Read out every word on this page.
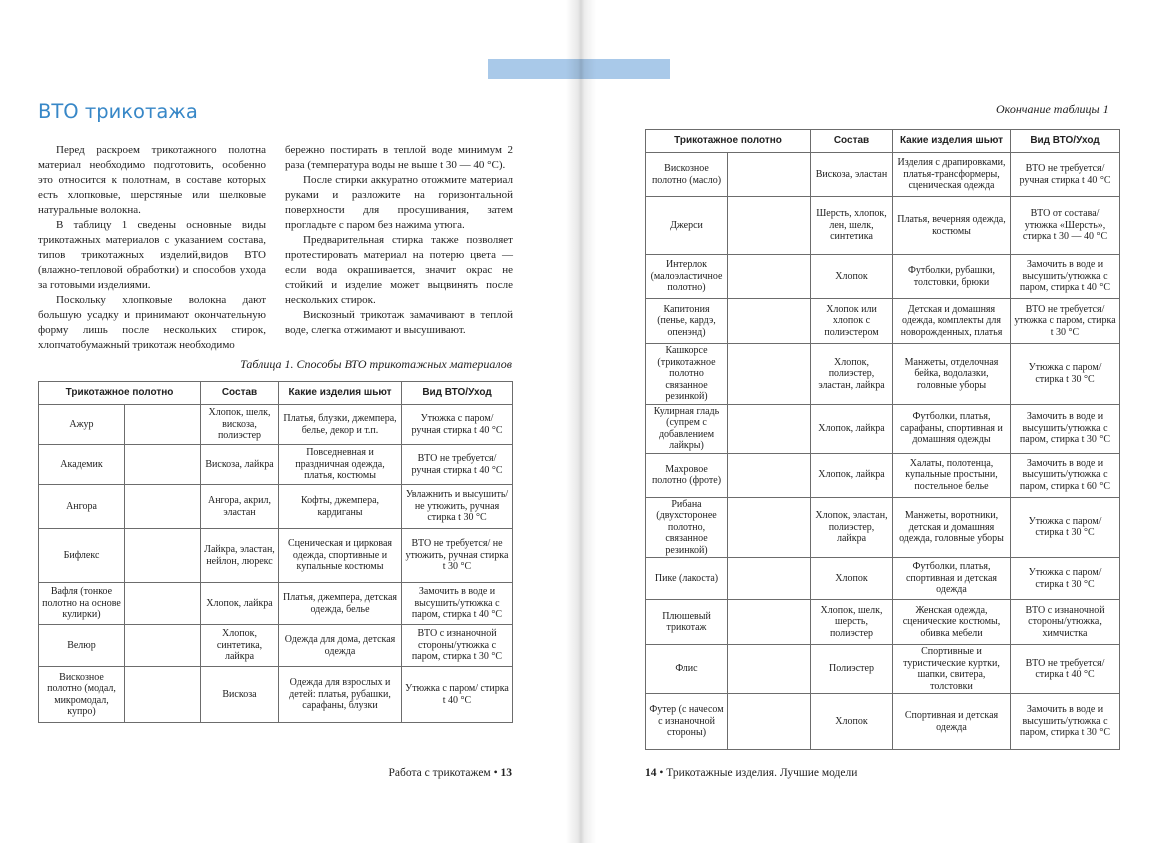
ВТО трикотажа

Перед раскроем трикотажного полотна материал необходимо подготовить, особенно это относится к полотнам, в составе которых есть хлопковые, шерстяные или шелковые натуральные волокна.

В таблицу 1 сведены основные виды трикотажных материалов с указанием состава, типов трикотажных изделий,видов ВТО (влажно-тепловой обработки) и способов ухода за готовыми изделиями.

Поскольку хлопковые волокна дают большую усадку и принимают окончательную форму лишь после нескольких стирок, хлопчатобумажный трикотаж необходимо

бережно постирать в теплой воде минимум 2 раза (температура воды не выше t 30 — 40 °С).

После стирки аккуратно отожмите материал руками и разложите на горизонтальной поверхности для просушивания, затем прогладьте с паром без нажима утюга.

Предварительная стирка также позволяет протестировать материал на потерю цвета — если вода окрашивается, значит окрас не стойкий и изделие может выцвинять после нескольких стирок.

Вискозный трикотаж замачивают в теплой воде, слегка отжимают и высушивают.

Таблица 1. Способы ВТО трикотажных материалов
Трикотажное полотно		Состав	Какие изделия шьют	Вид ВТО/Уход
Ажур		Хлопок, шелк, вискоза, полиэстер	Платья, блузки, джемпера, белье, декор и т.п.	Утюжка с паром/ ручная стирка t 40 °С
Академик		Вискоза, лайкра	Повседневная и праздничная одежда, платья, костюмы	ВТО не требуется/ ручная стирка t 40 °С
Ангора		Ангора, акрил, эластан	Кофты, джемпера, кардиганы	Увлажнить и высушить/не утюжить, ручная стирка t 30 °С
Бифлекс		Лайкра, эластан, нейлон, люрекс	Сценическая и цирковая одежда, спортивные и купальные костюмы	ВТО не требуется/ не утюжить, ручная стирка t 30 °С
Вафля (тонкое полотно на основе кулирки)		Хлопок, лайкра	Платья, джемпера, детская одежда, белье	Замочить в воде и высушить/утюжка с паром, стирка t 40 °С
Велюр		Хлопок, синтетика, лайкра	Одежда для дома, детская одежда	ВТО с изнаночной стороны/утюжка с паром, стирка t 30 °С
Вискозное полотно (модал, микромодал, купро)		Вискоза	Одежда для взрослых и детей: платья, рубашки, сарафаны, блузки	Утюжка с паром/ стирка t 40 °С
Работа с трикотажем • 13
Окончание таблицы 1
Трикотажное полотно		Состав	Какие изделия шьют	Вид ВТО/Уход
Вискозное полотно (масло)		Вискоза, эластан	Изделия с драпировками, платья-трансформеры, сценическая одежда	ВТО не требуется/ ручная стирка t 40 °С
Джерси		Шерсть, хлопок, лен, шелк, синтетика	Платья, вечерняя одежда, костюмы	ВТО от состава/ утюжка «Шерсть», стирка t 30 — 40 °С
Интерлок (малоэластичное полотно)		Хлопок	Футболки, рубашки, толстовки, брюки	Замочить в воде и высушить/утюжка с паром, стирка t 40 °С
Капитония (пенье, кардэ, опенэнд)		Хлопок или хлопок с полиэстером	Детская и домашняя одежда, комплекты для новорожденных, платья	ВТО не требуется/ утюжка с паром, стирка t 30 °С
Кашкорсе (трикотажное полотно связанное резинкой)		Хлопок, полиэстер, эластан, лайкра	Манжеты, отделочная бейка, водолазки, головные уборы	Утюжка с паром/ стирка t 30 °С
Кулирная гладь (супрем с добавлением лайкры)		Хлопок, лайкра	Футболки, платья, сарафаны, спортивная и домашняя одежды	Замочить в воде и высушить/утюжка с паром, стирка t 30 °С
Махровое полотно (фроте)		Хлопок, лайкра	Халаты, полотенца, купальные простыни, постельное белье	Замочить в воде и высушить/утюжка с паром, стирка t 60 °С
Рибана (двухсторонее полотно, связанное резинкой)		Хлопок, эластан, полиэстер, лайкра	Манжеты, воротники, детская и домашняя одежда, головные уборы	Утюжка с паром/ стирка t 30 °С
Пике (лакоста)		Хлопок	Футболки, платья, спортивная и детская одежда	Утюжка с паром/ стирка t 30 °С
Плюшевый трикотаж		Хлопок, шелк, шерсть, полиэстер	Женская одежда, сценические костюмы, обивка мебели	ВТО с изнаночной стороны/утюжка, химчистка
Флис		Полиэстер	Спортивные и туристические куртки, шапки, свитера, толстовки	ВТО не требуется/ стирка t 40 °С
Футер (с начесом с изнаночной стороны)		Хлопок	Спортивная и детская одежда	Замочить в воде и высушить/утюжка с паром, стирка t 30 °С
14 • Трикотажные изделия. Лучшие модели
